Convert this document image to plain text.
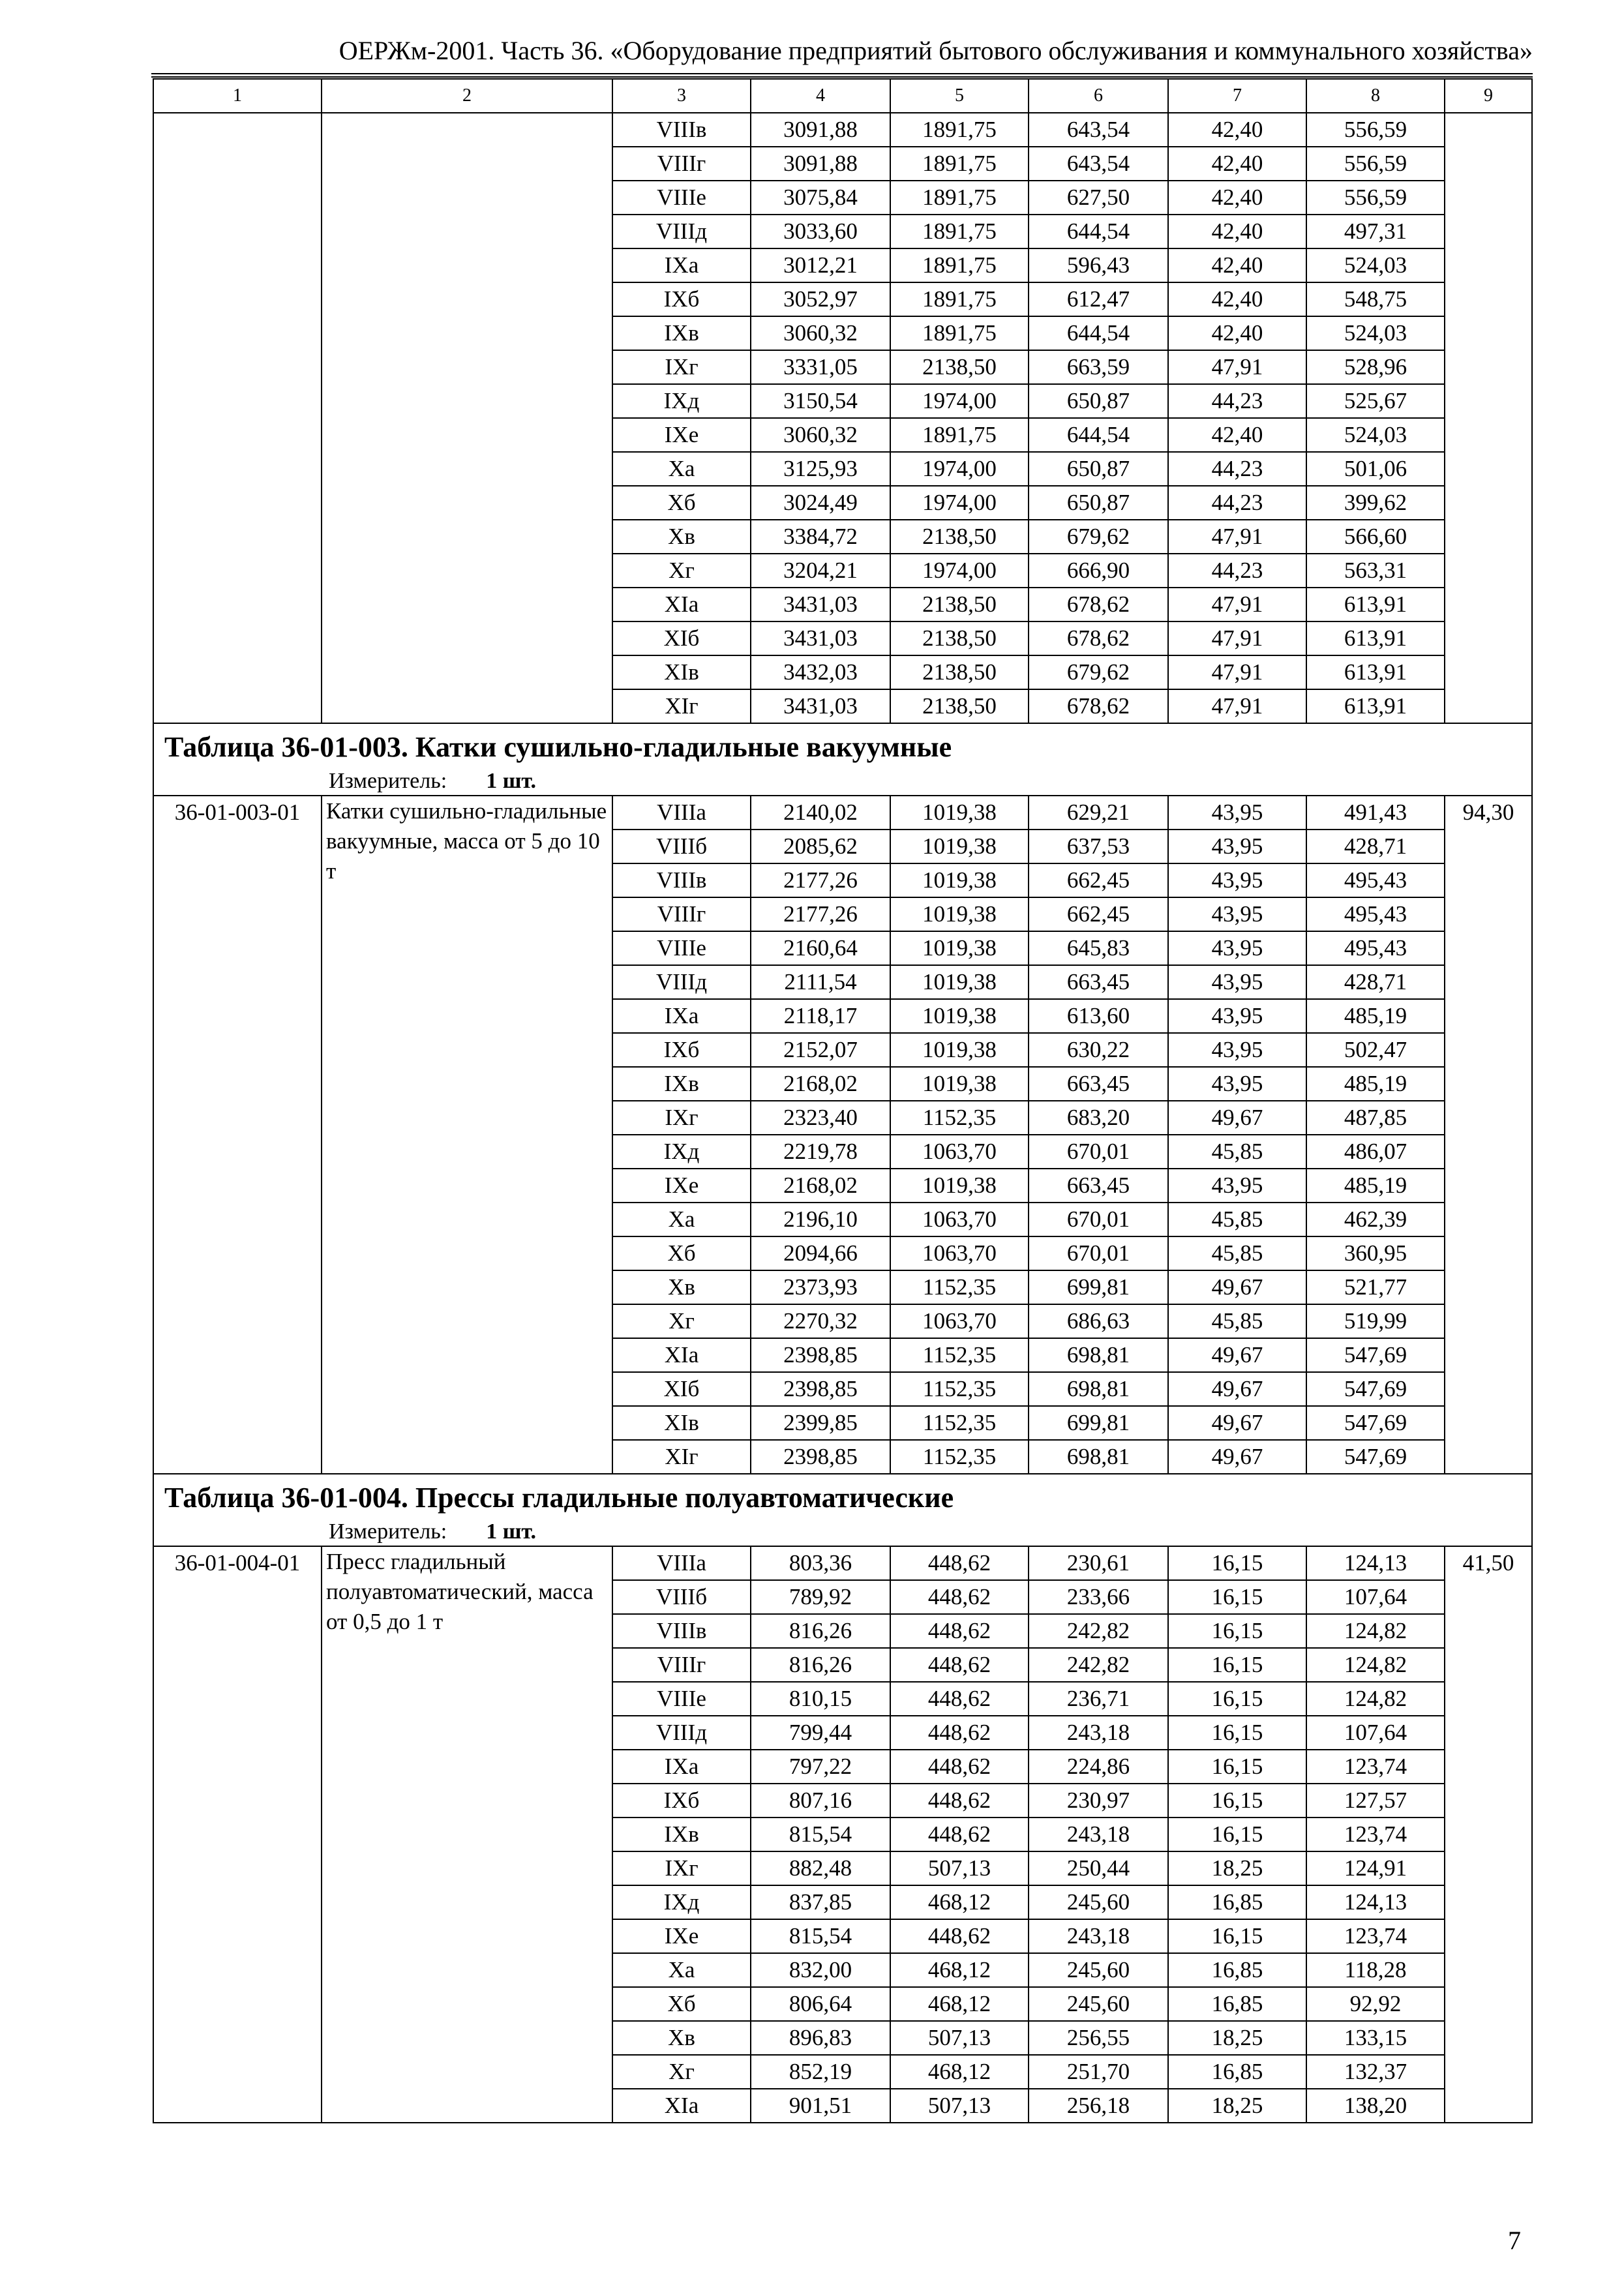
ОЕРЖм-2001. Часть 36. «Оборудование предприятий бытового обслуживания и коммунального хозяйства»
1	2	3	4	5	6	7	8	9
		VIIIв	3091,88	1891,75	643,54	42,40	556,59	
		VIIIг	3091,88	1891,75	643,54	42,40	556,59	
		VIIIе	3075,84	1891,75	627,50	42,40	556,59	
		VIIIд	3033,60	1891,75	644,54	42,40	497,31	
		IXа	3012,21	1891,75	596,43	42,40	524,03	
		IXб	3052,97	1891,75	612,47	42,40	548,75	
		IXв	3060,32	1891,75	644,54	42,40	524,03	
		IXг	3331,05	2138,50	663,59	47,91	528,96	
		IXд	3150,54	1974,00	650,87	44,23	525,67	
		IXе	3060,32	1891,75	644,54	42,40	524,03	
		Xа	3125,93	1974,00	650,87	44,23	501,06	
		Xб	3024,49	1974,00	650,87	44,23	399,62	
		Xв	3384,72	2138,50	679,62	47,91	566,60	
		Xг	3204,21	1974,00	666,90	44,23	563,31	
		XIа	3431,03	2138,50	678,62	47,91	613,91	
		XIб	3431,03	2138,50	678,62	47,91	613,91	
		XIв	3432,03	2138,50	679,62	47,91	613,91	
		XIг	3431,03	2138,50	678,62	47,91	613,91	

Таблица 36-01-003. Катки сушильно-гладильные вакуумные								

Измеритель: 1 шт.								

36-01-003-01	Катки сушильно-гладильные вакуумные, масса от 5 до 10 т	VIIIа	2140,02	1019,38	629,21	43,95	491,43	94,30
		VIIIб	2085,62	1019,38	637,53	43,95	428,71	
		VIIIв	2177,26	1019,38	662,45	43,95	495,43	
		VIIIг	2177,26	1019,38	662,45	43,95	495,43	
		VIIIе	2160,64	1019,38	645,83	43,95	495,43	
		VIIIд	2111,54	1019,38	663,45	43,95	428,71	
		IXа	2118,17	1019,38	613,60	43,95	485,19	
		IXб	2152,07	1019,38	630,22	43,95	502,47	
		IXв	2168,02	1019,38	663,45	43,95	485,19	
		IXг	2323,40	1152,35	683,20	49,67	487,85	
		IXд	2219,78	1063,70	670,01	45,85	486,07	
		IXе	2168,02	1019,38	663,45	43,95	485,19	
		Xа	2196,10	1063,70	670,01	45,85	462,39	
		Xб	2094,66	1063,70	670,01	45,85	360,95	
		Xв	2373,93	1152,35	699,81	49,67	521,77	
		Xг	2270,32	1063,70	686,63	45,85	519,99	
		XIа	2398,85	1152,35	698,81	49,67	547,69	
		XIб	2398,85	1152,35	698,81	49,67	547,69	
		XIв	2399,85	1152,35	699,81	49,67	547,69	
		XIг	2398,85	1152,35	698,81	49,67	547,69	

Таблица 36-01-004. Прессы гладильные полуавтоматические								

Измеритель: 1 шт.								

36-01-004-01	Пресс гладильный полуавтоматический, масса от 0,5 до 1 т	VIIIа	803,36	448,62	230,61	16,15	124,13	41,50
		VIIIб	789,92	448,62	233,66	16,15	107,64	
		VIIIв	816,26	448,62	242,82	16,15	124,82	
		VIIIг	816,26	448,62	242,82	16,15	124,82	
		VIIIе	810,15	448,62	236,71	16,15	124,82	
		VIIIд	799,44	448,62	243,18	16,15	107,64	
		IXа	797,22	448,62	224,86	16,15	123,74	
		IXб	807,16	448,62	230,97	16,15	127,57	
		IXв	815,54	448,62	243,18	16,15	123,74	
		IXг	882,48	507,13	250,44	18,25	124,91	
		IXд	837,85	468,12	245,60	16,85	124,13	
		IXе	815,54	448,62	243,18	16,15	123,74	
		Xа	832,00	468,12	245,60	16,85	118,28	
		Xб	806,64	468,12	245,60	16,85	92,92	
		Xв	896,83	507,13	256,55	18,25	133,15	
		Xг	852,19	468,12	251,70	16,85	132,37	
		XIа	901,51	507,13	256,18	18,25	138,20	
7
